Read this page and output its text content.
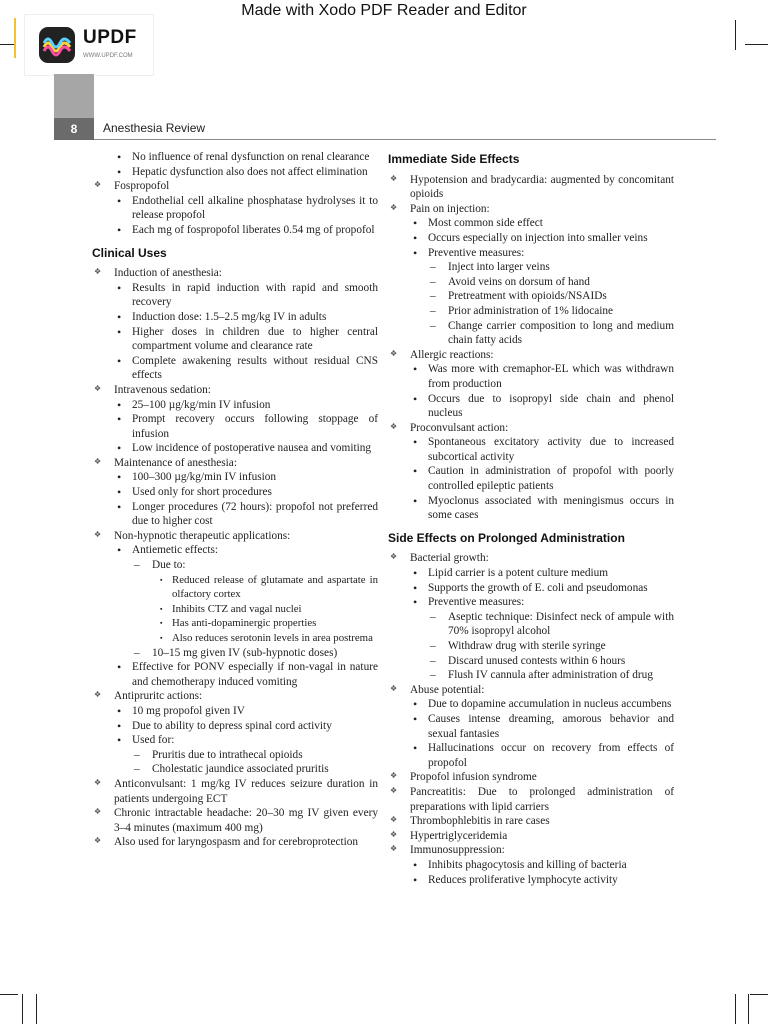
Made with Xodo PDF Reader and Editor
UPDF
WWW.UPDF.COM
8	Anesthesia Review
• No influence of renal dysfunction on renal clearance
• Hepatic dysfunction also does not affect elimination
❖ Fospropofol
• Endothelial cell alkaline phosphatase hydrolyses it to release propofol
• Each mg of fospropofol liberates 0.54 mg of propofol
Clinical Uses
❖ Induction of anesthesia:
• Results in rapid induction with rapid and smooth recovery
• Induction dose: 1.5–2.5 mg/kg IV in adults
• Higher doses in children due to higher central compartment volume and clearance rate
• Complete awakening results without residual CNS effects
❖ Intravenous sedation:
• 25–100 µg/kg/min IV infusion
• Prompt recovery occurs following stoppage of infusion
• Low incidence of postoperative nausea and vomiting
❖ Maintenance of anesthesia:
• 100–300 µg/kg/min IV infusion
• Used only for short procedures
• Longer procedures (72 hours): propofol not preferred due to higher cost
❖ Non-hypnotic therapeutic applications:
• Antiemetic effects:
– Due to:
▪ Reduced release of glutamate and aspartate in olfactory cortex
▪ Inhibits CTZ and vagal nuclei
▪ Has anti-dopaminergic properties
▪ Also reduces serotonin levels in area postrema
– 10–15 mg given IV (sub-hypnotic doses)
• Effective for PONV especially if non-vagal in nature and chemotherapy induced vomiting
❖ Antipruritc actions:
• 10 mg propofol given IV
• Due to ability to depress spinal cord activity
• Used for:
– Pruritis due to intrathecal opioids
– Cholestatic jaundice associated pruritis
❖ Anticonvulsant: 1 mg/kg IV reduces seizure duration in patients undergoing ECT
❖ Chronic intractable headache: 20–30 mg IV given every 3–4 minutes (maximum 400 mg)
❖ Also used for laryngospasm and for cerebroprotection
Immediate Side Effects
❖ Hypotension and bradycardia: augmented by concomitant opioids
❖ Pain on injection:
• Most common side effect
• Occurs especially on injection into smaller veins
• Preventive measures:
– Inject into larger veins
– Avoid veins on dorsum of hand
– Pretreatment with opioids/NSAIDs
– Prior administration of 1% lidocaine
– Change carrier composition to long and medium chain fatty acids
❖ Allergic reactions:
• Was more with cremaphor-EL which was withdrawn from production
• Occurs due to isopropyl side chain and phenol nucleus
❖ Proconvulsant action:
• Spontaneous excitatory activity due to increased subcortical activity
• Caution in administration of propofol with poorly controlled epileptic patients
• Myoclonus associated with meningismus occurs in some cases
Side Effects on Prolonged Administration
❖ Bacterial growth:
• Lipid carrier is a potent culture medium
• Supports the growth of E. coli and pseudomonas
• Preventive measures:
– Aseptic technique: Disinfect neck of ampule with 70% isopropyl alcohol
– Withdraw drug with sterile syringe
– Discard unused contests within 6 hours
– Flush IV cannula after administration of drug
❖ Abuse potential:
• Due to dopamine accumulation in nucleus accumbens
• Causes intense dreaming, amorous behavior and sexual fantasies
• Hallucinations occur on recovery from effects of propofol
❖ Propofol infusion syndrome
❖ Pancreatitis: Due to prolonged administration of preparations with lipid carriers
❖ Thrombophlebitis in rare cases
❖ Hypertriglyceridemia
❖ Immunosuppression:
• Inhibits phagocytosis and killing of bacteria
• Reduces proliferative lymphocyte activity
